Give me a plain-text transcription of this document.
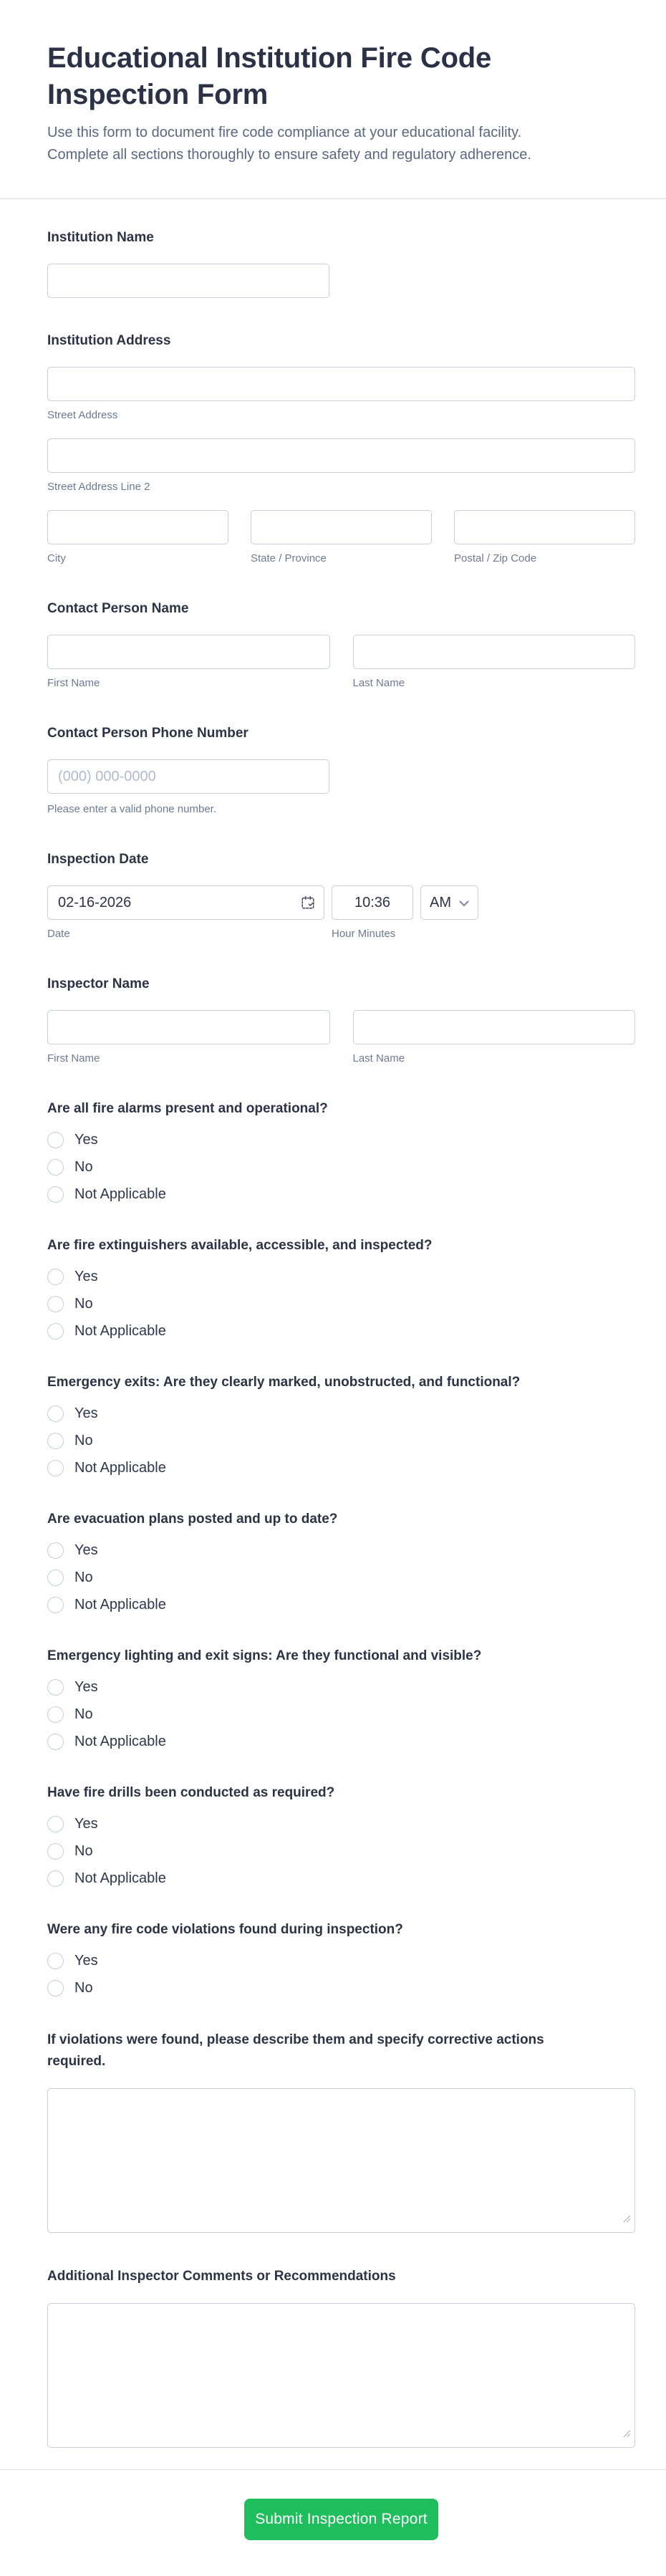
Educational Institution Fire Code
Inspection Form
Use this form to document fire code compliance at your educational facility.
Complete all sections thoroughly to ensure safety and regulatory adherence.
Institution Name
Institution Address
Street Address
Street Address Line 2
City	State / Province	Postal / Zip Code
Contact Person Name
First Name	Last Name
Contact Person Phone Number
(000) 000-0000
Please enter a valid phone number.
Inspection Date
02-16-2026
10:36
AM
Date	Hour Minutes
Inspector Name
First Name	Last Name
Are all fire alarms present and operational?
Yes
No
Not Applicable
Are fire extinguishers available, accessible, and inspected?
Yes
No
Not Applicable
Emergency exits: Are they clearly marked, unobstructed, and functional?
Yes
No
Not Applicable
Are evacuation plans posted and up to date?
Yes
No
Not Applicable
Emergency lighting and exit signs: Are they functional and visible?
Yes
No
Not Applicable
Have fire drills been conducted as required?
Yes
No
Not Applicable
Were any fire code violations found during inspection?
Yes
No
If violations were found, please describe them and specify corrective actions
required.
Additional Inspector Comments or Recommendations
Submit Inspection Report
